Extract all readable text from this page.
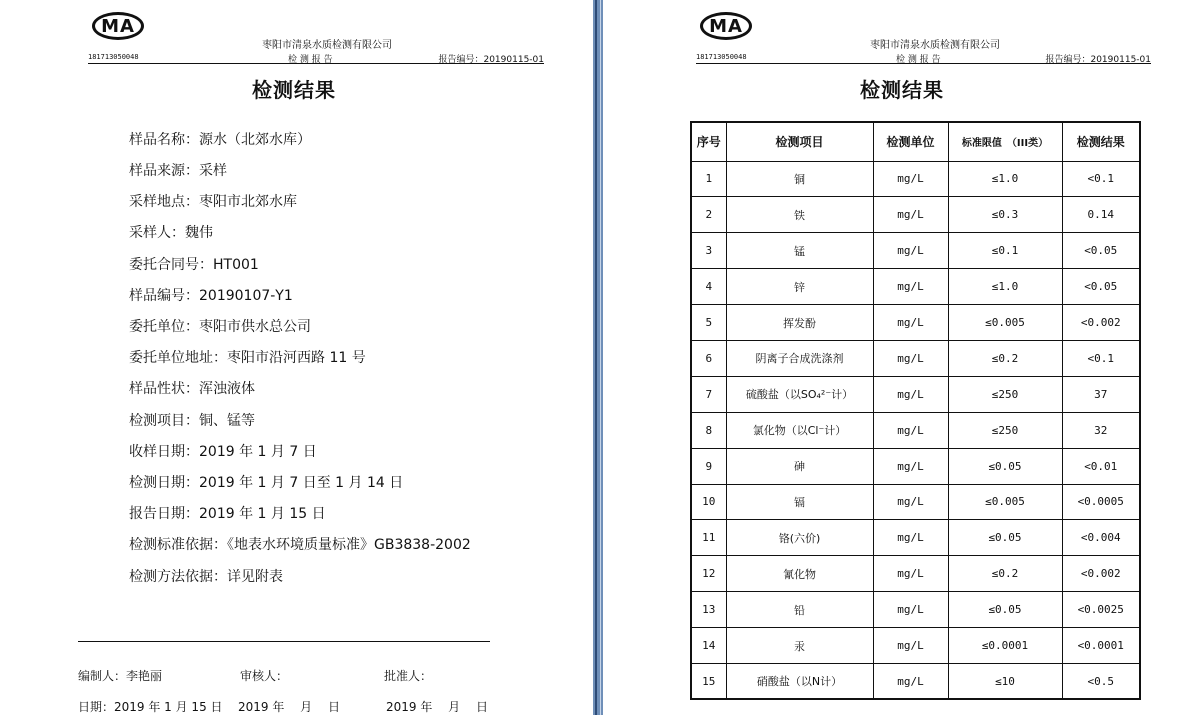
MA
枣阳市清泉水质检测有限公司
181713050048	检 测 报 告	报告编号：20190115-01
检测结果
样品名称：源水（北郊水库）
样品来源：采样
采样地点：枣阳市北郊水库
采样人：魏伟
委托合同号：HT001
样品编号：20190107-Y1
委托单位：枣阳市供水总公司
委托单位地址：枣阳市沿河西路 11 号
样品性状：浑浊液体
检测项目：铜、锰等
收样日期：2019 年 1 月 7 日
检测日期：2019 年 1 月 7 日至 1 月 14 日
报告日期：2019 年 1 月 15 日
检测标准依据：《地表水环境质量标准》GB3838-2002
检测方法依据：详见附表
编制人：李艳丽	审核人：	批准人：
日期：2019 年 1 月 15 日 2019 年　 月　 日	2019 年　 月　 日
MA
枣阳市清泉水质检测有限公司
181713050048	检 测 报 告	报告编号：20190115-01
检测结果
序号	检测项目	检测单位	标准限值　（III类）	检测结果
1	铜	mg/L	≤1.0	<0.1
2	铁	mg/L	≤0.3	0.14
3	锰	mg/L	≤0.1	<0.05
4	锌	mg/L	≤1.0	<0.05
5	挥发酚	mg/L	≤0.005	<0.002
6	阴离子合成洗涤剂	mg/L	≤0.2	<0.1
7	硫酸盐（以SO₄²⁻计）	mg/L	≤250	37
8	氯化物（以Cl⁻计）	mg/L	≤250	32
9	砷	mg/L	≤0.05	<0.01
10	镉	mg/L	≤0.005	<0.0005
11	铬(六价)	mg/L	≤0.05	<0.004
12	氰化物	mg/L	≤0.2	<0.002
13	铅	mg/L	≤0.05	<0.0025
14	汞	mg/L	≤0.0001	<0.0001
15	硝酸盐（以N计）	mg/L	≤10	<0.5
